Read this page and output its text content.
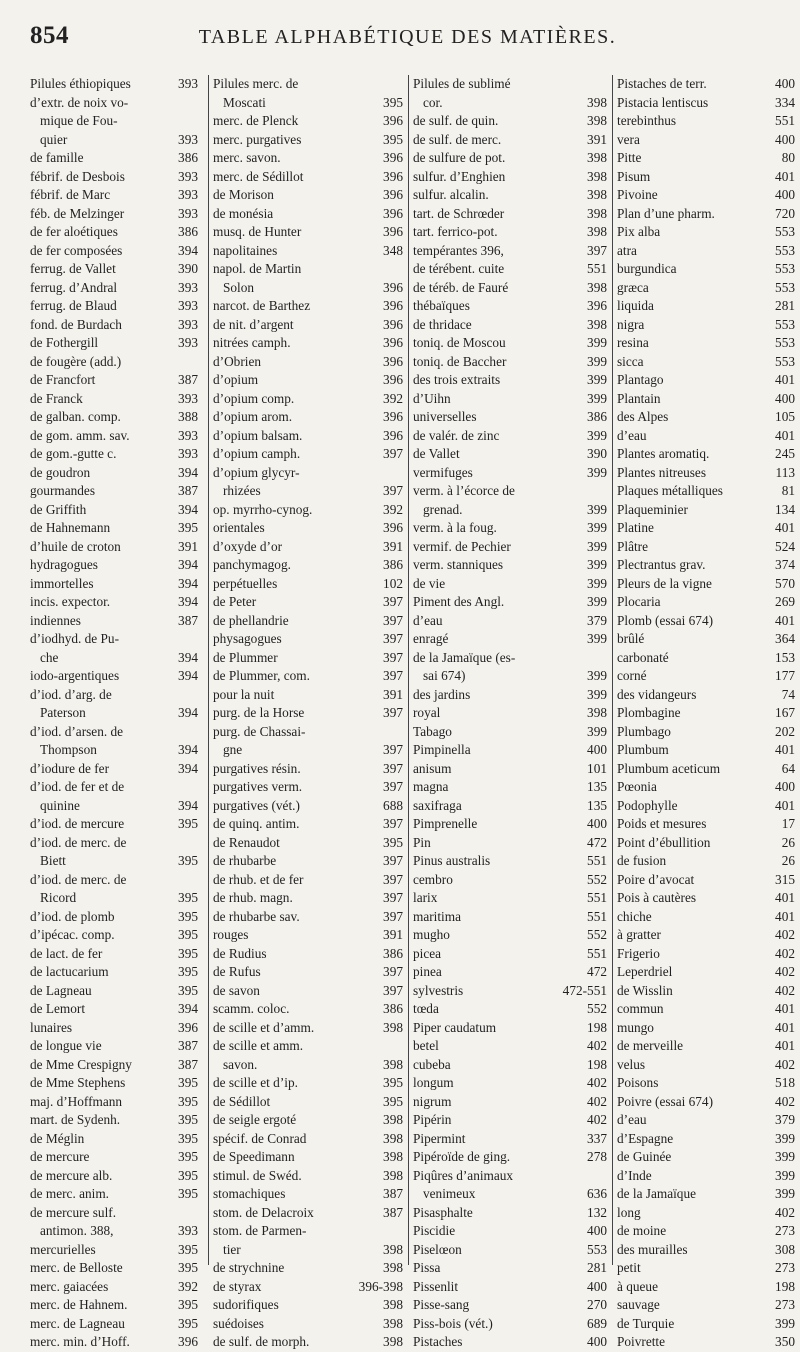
854	TABLE ALPHABÉTIQUE DES MATIÈRES.
Pilules éthiopiques	393
d’extr. de noix vo-
mique de Fou-
quier	393
de famille	386
fébrif. de Desbois	393
fébrif. de Marc	393
féb. de Melzinger	393
de fer aloétiques	386
de fer composées	394
ferrug. de Vallet	390
ferrug. d’Andral	393
ferrug. de Blaud	393
fond. de Burdach	393
de Fothergill	393
de fougère (add.)
de Francfort	387
de Franck	393
de galban. comp.	388
de gom. amm. sav.	393
de gom.-gutte c.	393
de goudron	394
gourmandes	387
de Griffith	394
de Hahnemann	395
d’huile de croton	391
hydragogues	394
immortelles	394
incis. expector.	394
indiennes	387
d’iodhyd. de Pu-
che	394
iodo-argentiques	394
d’iod. d’arg. de
Paterson	394
d’iod. d’arsen. de
Thompson	394
d’iodure de fer	394
d’iod. de fer et de
quinine	394
d’iod. de mercure	395
d’iod. de merc. de
Biett	395
d’iod. de merc. de
Ricord	395
d’iod. de plomb	395
d’ipécac. comp.	395
de lact. de fer	395
de lactucarium	395
de Lagneau	395
de Lemort	394
lunaires	396
de longue vie	387
de Mme Crespigny	387
de Mme Stephens	395
maj. d’Hoffmann	395
mart. de Sydenh.	395
de Méglin	395
de mercure	395
de mercure alb.	395
de merc. anim.	395
de mercure sulf.
antimon. 388,	393
mercurielles	395
merc. de Belloste	395
merc. gaiacées	392
merc. de Hahnem.	395
merc. de Lagneau	395
merc. min. d’Hoff.	396
Pilules merc. de
Moscati	395
merc. de Plenck	396
merc. purgatives	395
merc. savon.	396
merc. de Sédillot	396
de Morison	396
de monésia	396
musq. de Hunter	396
napolitaines	348
napol. de Martin
Solon	396
narcot. de Barthez	396
de nit. d’argent	396
nitrées camph.	396
d’Obrien	396
d’opium	396
d’opium comp.	392
d’opium arom.	396
d’opium balsam.	396
d’opium camph.	397
d’opium glycyr-
rhizées	397
op. myrrho-cynog.	392
orientales	396
d’oxyde d’or	391
panchymagog.	386
perpétuelles	102
de Peter	397
de phellandrie	397
physagogues	397
de Plummer	397
de Plummer, com.	397
pour la nuit	391
purg. de la Horse	397
purg. de Chassai-
gne	397
purgatives résin.	397
purgatives verm.	397
purgatives (vét.)	688
de quinq. antim.	397
de Renaudot	395
de rhubarbe	397
de rhub. et de fer	397
de rhub. magn.	397
de rhubarbe sav.	397
rouges	391
de Rudius	386
de Rufus	397
de savon	397
scamm. coloc.	386
de scille et d’amm.	398
de scille et amm.
savon.	398
de scille et d’ip.	395
de Sédillot	395
de seigle ergoté	398
spécif. de Conrad	398
de Speedimann	398
stimul. de Swéd.	398
stomachiques	387
stom. de Delacroix	387
stom. de Parmen-
tier	398
de strychnine	398
de styrax	396-398
sudorifiques	398
suédoises	398
de sulf. de morph.	398
Pilules de sublimé
cor.	398
de sulf. de quin.	398
de sulf. de merc.	391
de sulfure de pot.	398
sulfur. d’Enghien	398
sulfur. alcalin.	398
tart. de Schrœder	398
tart. ferrico-pot.	398
tempérantes 396,	397
de térébent. cuite	551
de téréb. de Fauré	398
thébaïques	396
de thridace	398
toniq. de Moscou	399
toniq. de Baccher	399
des trois extraits	399
d’Uihn	399
universelles	386
de valér. de zinc	399
de Vallet	390
vermifuges	399
verm. à l’écorce de
grenad.	399
verm. à la foug.	399
vermif. de Pechier	399
verm. stanniques	399
de vie	399
Piment des Angl.	399
d’eau	379
enragé	399
de la Jamaïque (es-
sai 674)	399
des jardins	399
royal	398
Tabago	399
Pimpinella	400
anisum	101
magna	135
saxifraga	135
Pimprenelle	400
Pin	472
Pinus australis	551
cembro	552
larix	551
maritima	551
mugho	552
picea	551
pinea	472
sylvestris	472-551
tœda	552
Piper caudatum	198
betel	402
cubeba	198
longum	402
nigrum	402
Pipérin	402
Pipermint	337
Pipéroïde de ging.	278
Piqûres d’animaux
venimeux	636
Pisasphalte	132
Piscidie	400
Piselœon	553
Pissa	281
Pissenlit	400
Pisse-sang	270
Piss-bois (vét.)	689
Pistaches	400
Pistaches de terr.	400
Pistacia lentiscus	334
terebinthus	551
vera	400
Pitte	80
Pisum	401
Pivoine	400
Plan d’une pharm.	720
Pix alba	553
atra	553
burgundica	553
græca	553
liquida	281
nigra	553
resina	553
sicca	553
Plantago	401
Plantain	400
des Alpes	105
d’eau	401
Plantes aromatiq.	245
Plantes nitreuses	113
Plaques métalliques	81
Plaqueminier	134
Platine	401
Plâtre	524
Plectrantus grav.	374
Pleurs de la vigne	570
Plocaria	269
Plomb (essai 674)	401
brûlé	364
carbonaté	153
corné	177
des vidangeurs	74
Plombagine	167
Plumbago	202
Plumbum	401
Plumbum aceticum	64
Pœonia	400
Podophylle	401
Poids et mesures	17
Point d’ébullition	26
de fusion	26
Poire d’avocat	315
Pois à cautères	401
chiche	401
à gratter	402
Frigerio	402
Leperdriel	402
de Wisslin	402
commun	401
mungo	401
de merveille	401
velus	402
Poisons	518
Poivre (essai 674)	402
d’eau	379
d’Espagne	399
de Guinée	399
d’Inde	399
de la Jamaïque	399
long	402
de moine	273
des murailles	308
petit	273
à queue	198
sauvage	273
de Turquie	399
Poivrette	350
